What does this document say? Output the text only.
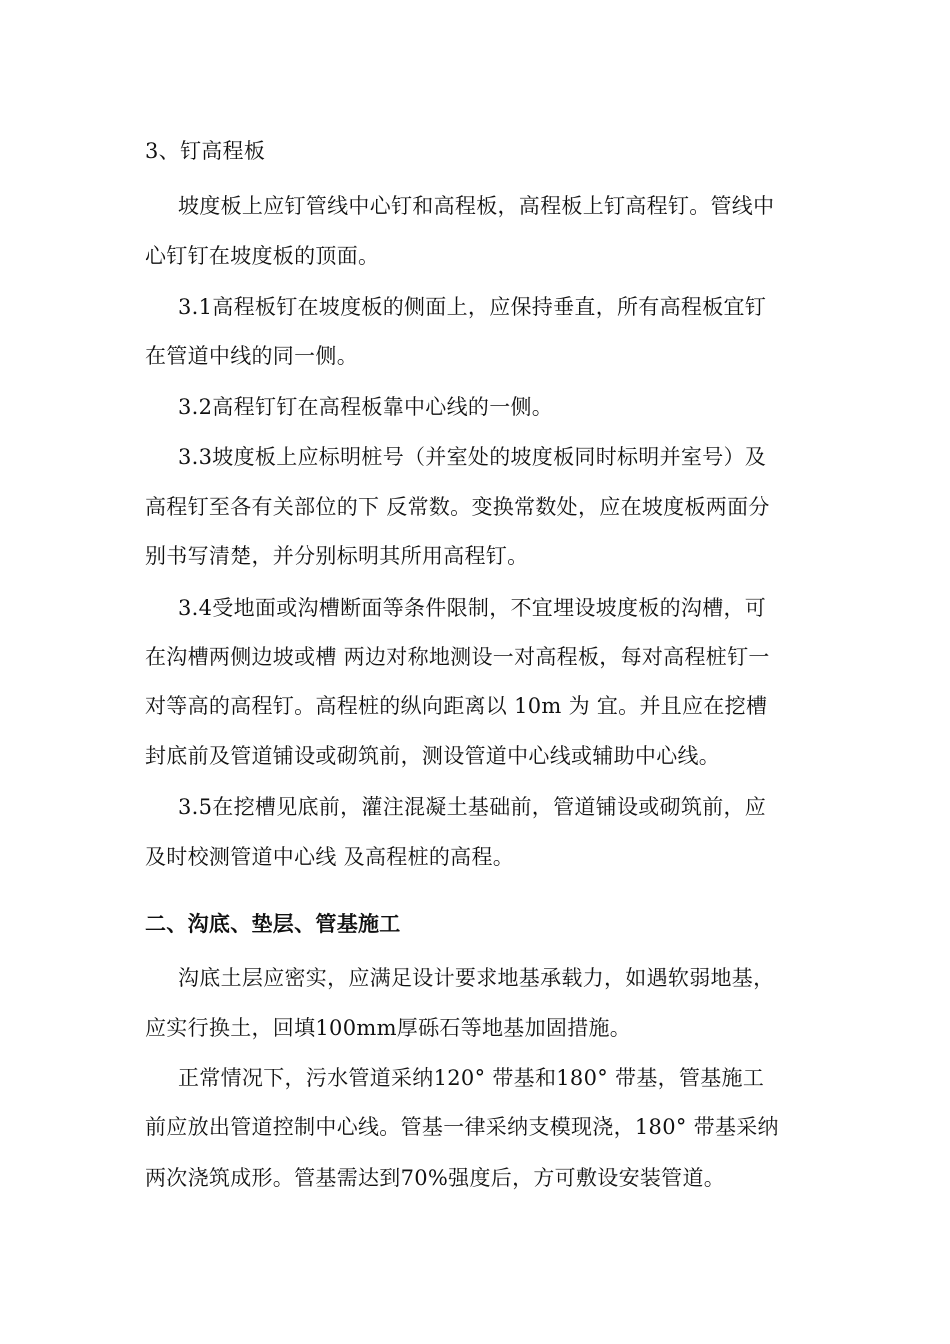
3、钉高程板
坡度板上应钉管线中心钉和高程板，高程板上钉高程钉。管线中
心钉钉在坡度板的顶面。
3.1高程板钉在坡度板的侧面上，应保持垂直，所有高程板宜钉
在管道中线的同一侧。
3.2高程钉钉在高程板靠中心线的一侧。
3.3坡度板上应标明桩号（并室处的坡度板同时标明并室号）及
高程钉至各有关部位的下 反常数。变换常数处，应在坡度板两面分
别书写清楚，并分别标明其所用高程钉。
3.4受地面或沟槽断面等条件限制，不宜埋设坡度板的沟槽，可
在沟槽两侧边坡或槽 两边对称地测设一对高程板，每对高程桩钉一
对等高的高程钉。高程桩的纵向距离以 10m 为 宜。并且应在挖槽
封底前及管道铺设或砌筑前，测设管道中心线或辅助中心线。
3.5在挖槽见底前，灌注混凝土基础前，管道铺设或砌筑前，应
及时校测管道中心线 及高程桩的高程。
二、沟底、垫层、管基施工
沟底土层应密实，应满足设计要求地基承载力，如遇软弱地基，
应实行换土，回填100mm厚砾石等地基加固措施。
正常情况下，污水管道采纳120° 带基和180° 带基，管基施工
前应放出管道控制中心线。管基一律采纳支模现浇，180° 带基采纳
两次浇筑成形。管基需达到70%强度后，方可敷设安装管道。
